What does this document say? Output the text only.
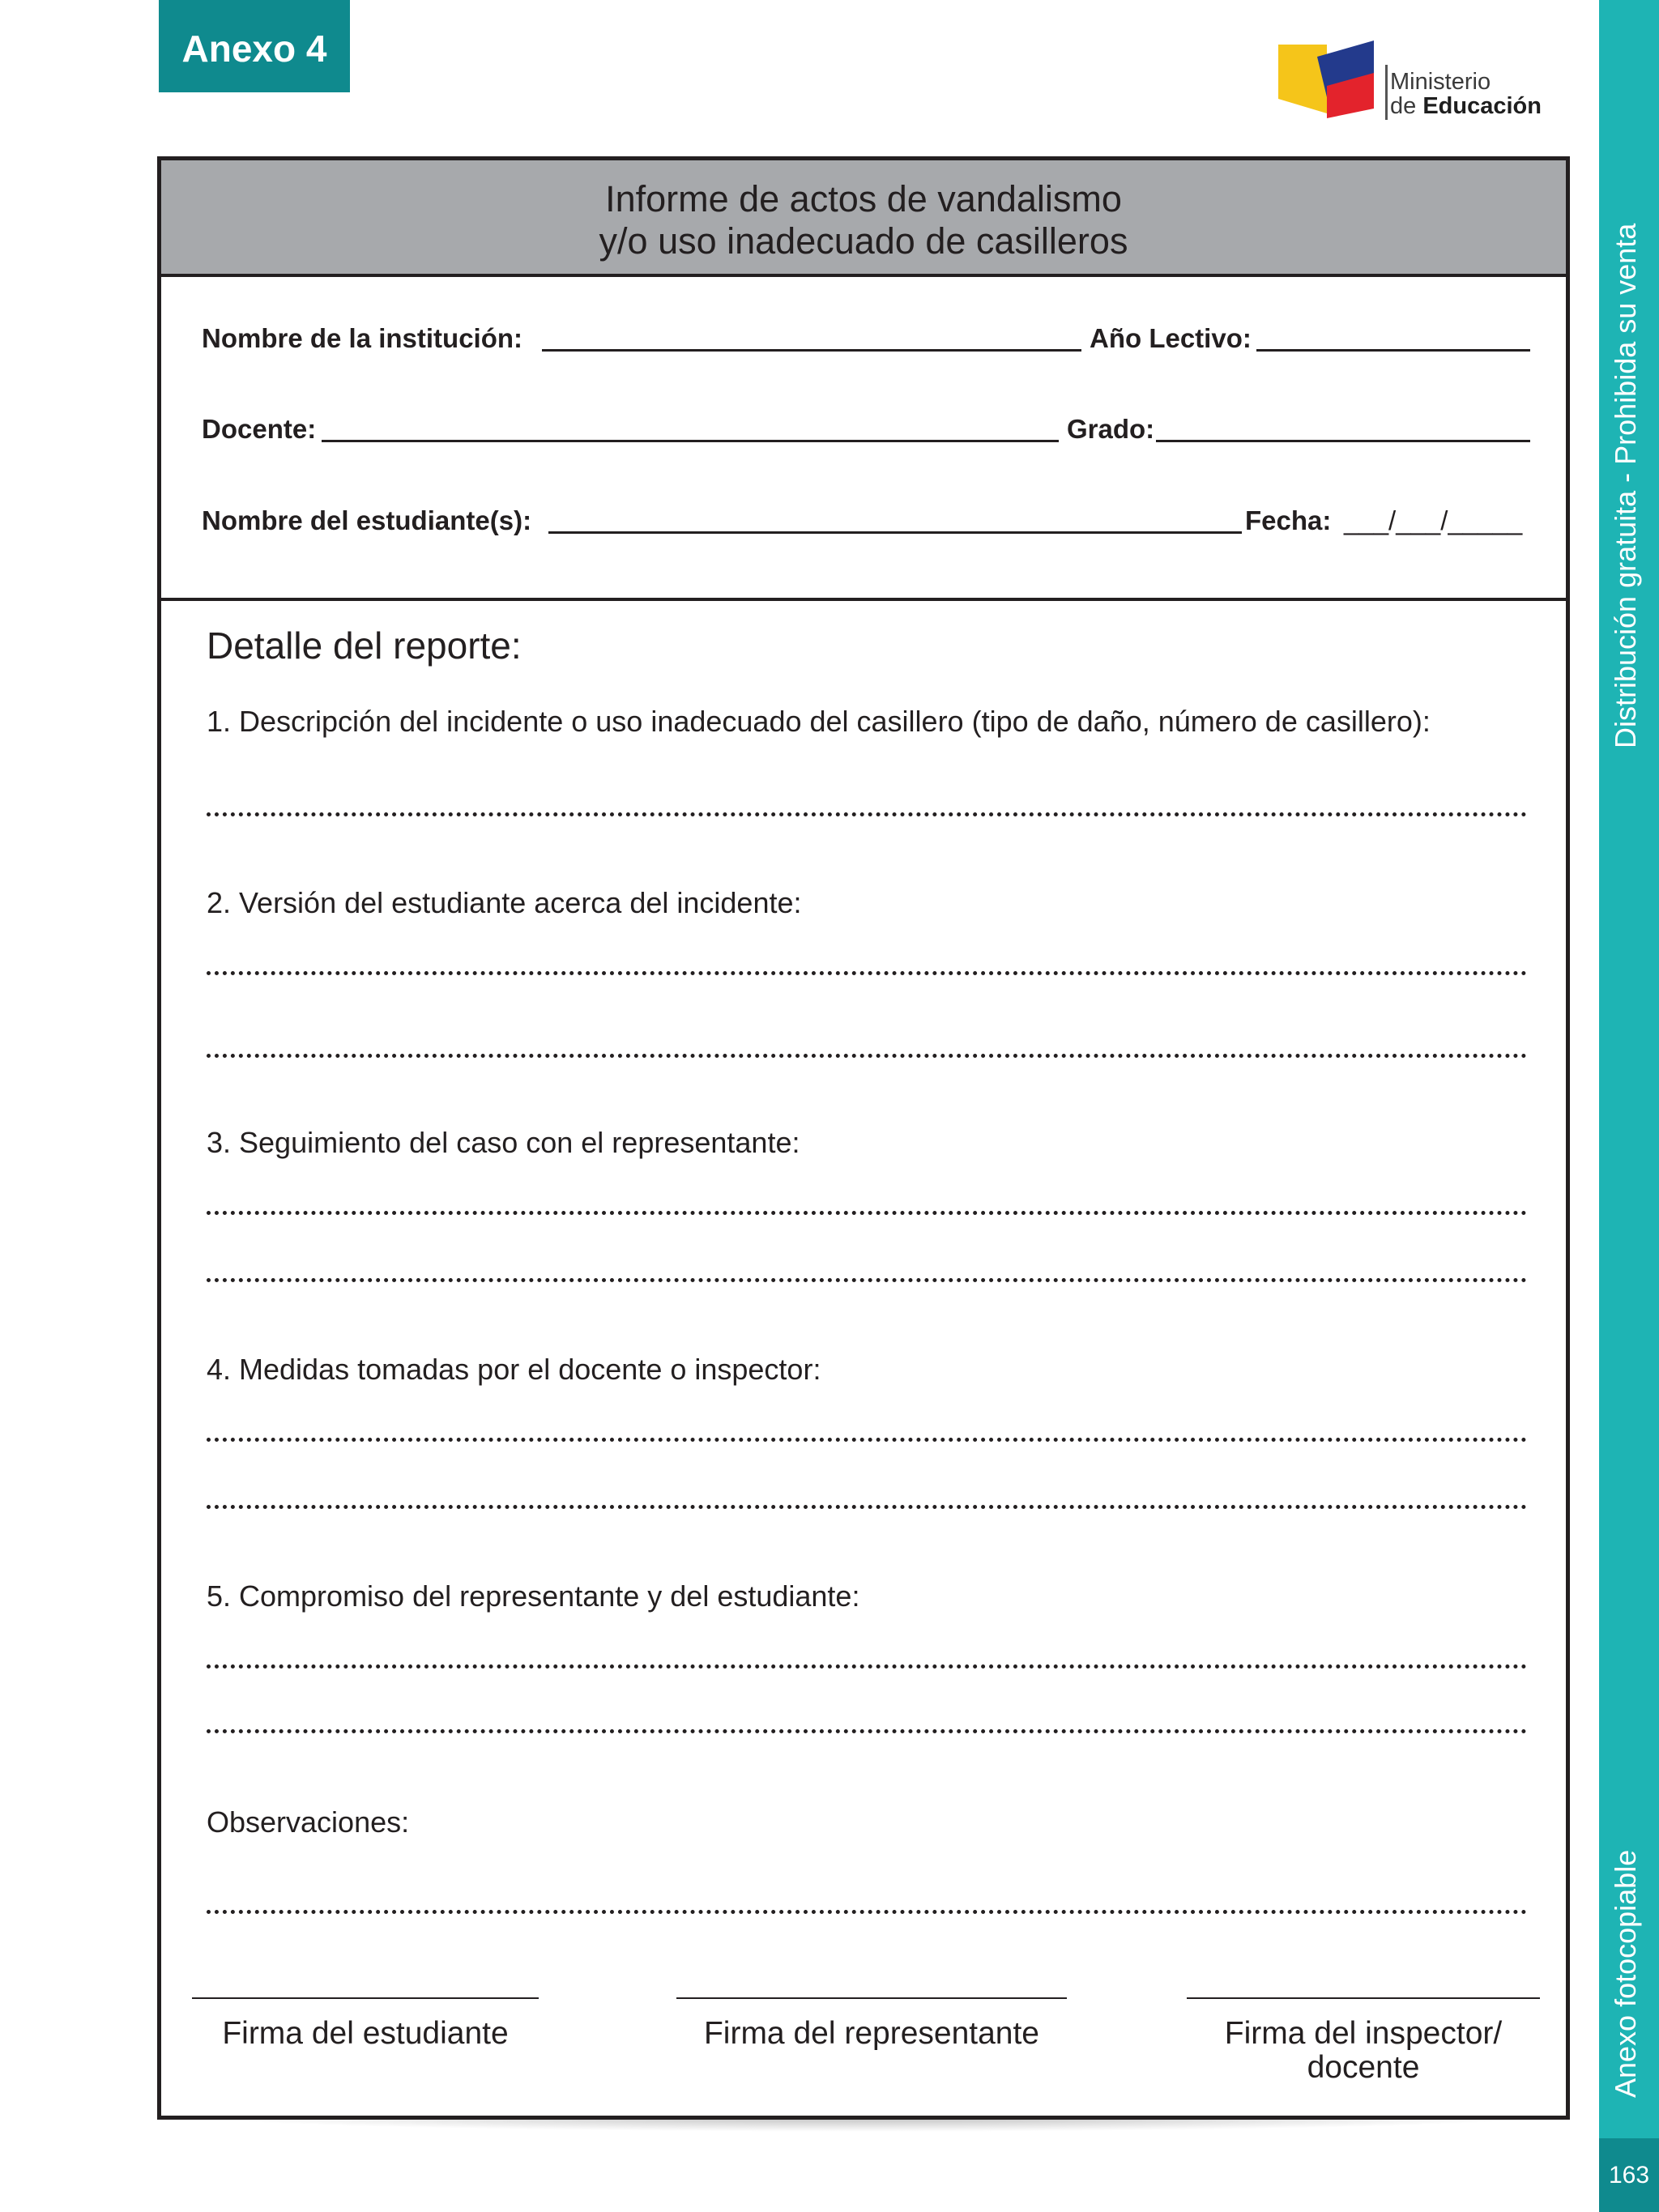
Anexo 4
Ministerio
de Educación
Distribución gratuita - Prohibida su venta
Anexo fotocopiable
163
Informe de actos de vandalismo
y/o uso inadecuado de casilleros
Nombre de la institución:	Año Lectivo:
Docente:	Grado:
Nombre del estudiante(s):	Fecha: ___/___/_____
Detalle del reporte:
1. Descripción del incidente o uso inadecuado del casillero (tipo de daño, número de casillero):
2. Versión del estudiante acerca del incidente:
3. Seguimiento del caso con el representante:
4. Medidas tomadas por el docente o inspector:
5. Compromiso del representante y del estudiante:
Observaciones:
Firma del estudiante	Firma del representante	Firma del inspector/
docente
